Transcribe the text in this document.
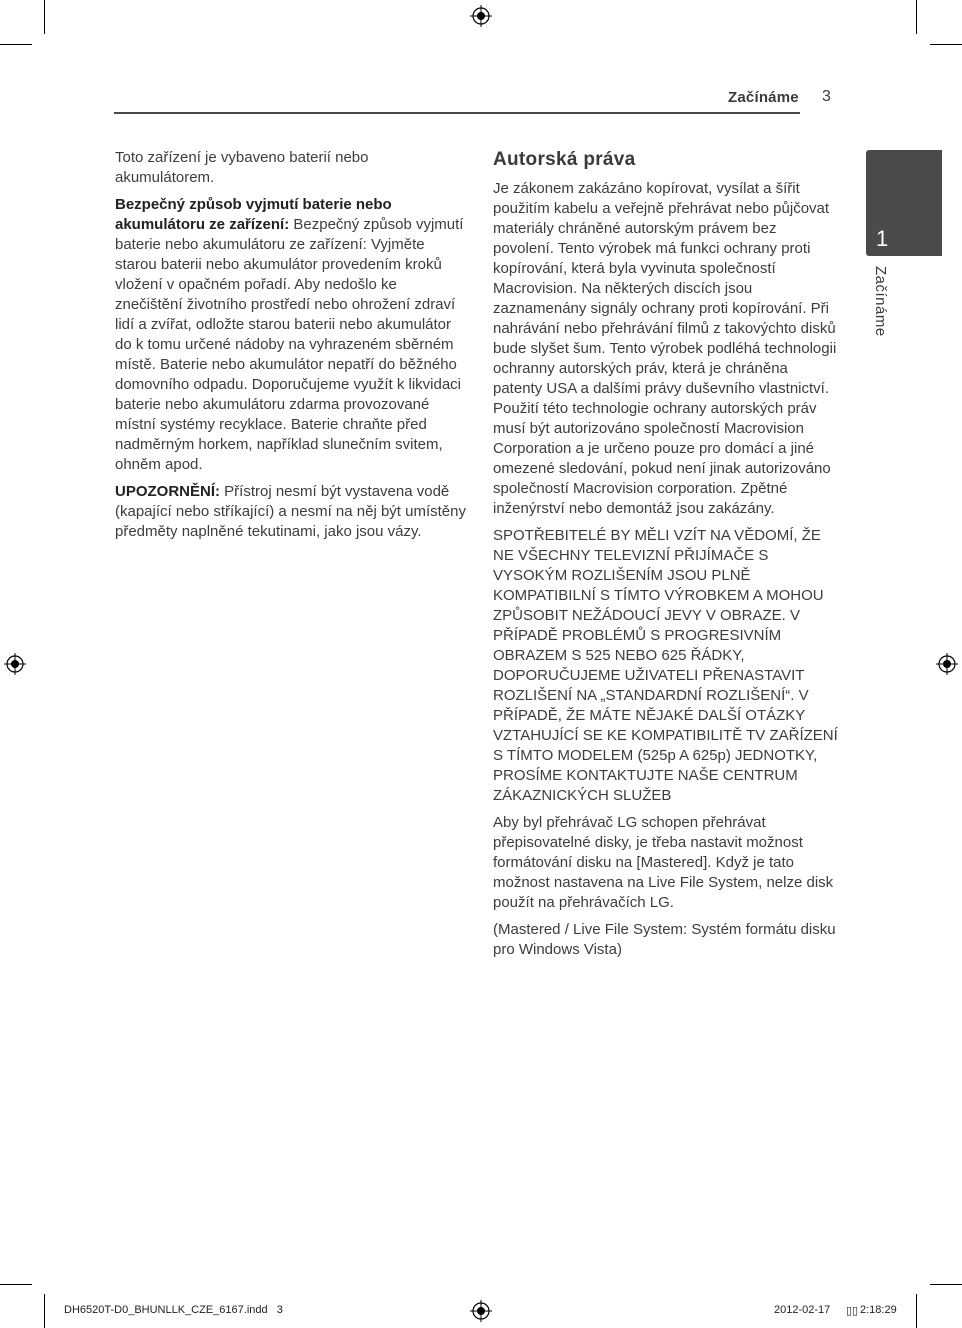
Začínáme 3
1
Začínáme

Toto zařízení je vybaveno baterií nebo akumulátorem.

Bezpečný způsob vyjmutí baterie nebo akumulátoru ze zařízení: Bezpečný způsob vyjmutí baterie nebo akumulátoru ze zařízení: Vyjměte starou baterii nebo akumulátor provedením kroků vložení v opačném pořadí. Aby nedošlo ke znečištění životního prostředí nebo ohrožení zdraví lidí a zvířat, odložte starou baterii nebo akumulátor do k tomu určené nádoby na vyhrazeném sběrném místě. Baterie nebo akumulátor nepatří do běžného domovního odpadu. Doporučujeme využít k likvidaci baterie nebo akumulátoru zdarma provozované místní systémy recyklace. Baterie chraňte před nadměrným horkem, například slunečním svitem, ohněm apod.

UPOZORNĚNÍ: Přístroj nesmí být vystavena vodě (kapající nebo stříkající) a nesmí na něj být umístěny předměty naplněné tekutinami, jako jsou vázy.

Autorská práva

Je zákonem zakázáno kopírovat, vysílat a šířit použitím kabelu a veřejně přehrávat nebo půjčovat materiály chráněné autorským právem bez povolení. Tento výrobek má funkci ochrany proti kopírování, která byla vyvinuta společností Macrovision. Na některých discích jsou zaznamenány signály ochrany proti kopírování. Při nahrávání nebo přehrávání filmů z takovýchto disků bude slyšet šum. Tento výrobek podléhá technologii ochranny autorských práv, která je chráněna patenty USA a dalšími právy duševního vlastnictví. Použití této technologie ochrany autorských práv musí být autorizováno společností Macrovision Corporation a je určeno pouze pro domácí a jiné omezené sledování, pokud není jinak autorizováno společností Macrovision corporation. Zpětné inženýrství nebo demontáž jsou zakázány.

SPOTŘEBITELÉ BY MĚLI VZÍT NA VĚDOMÍ, ŽE NE VŠECHNY TELEVIZNÍ PŘIJÍMAČE S VYSOKÝM ROZLIŠENÍM JSOU PLNĚ KOMPATIBILNÍ S TÍMTO VÝROBKEM A MOHOU ZPŮSOBIT NEŽÁDOUCÍ JEVY V OBRAZE. V PŘÍPADĚ PROBLÉMŮ S PROGRESIVNÍM OBRAZEM S 525 NEBO 625 ŘÁDKY, DOPORUČUJEME UŽIVATELI PŘENASTAVIT ROZLIŠENÍ NA „STANDARDNÍ ROZLIŠENÍ“. V PŘÍPADĚ, ŽE MÁTE NĚJAKÉ DALŠÍ OTÁZKY VZTAHUJÍCÍ SE KE KOMPATIBILITĚ TV ZAŘÍZENÍ S TÍMTO MODELEM (525p A 625p) JEDNOTKY, PROSÍME KONTAKTUJTE NAŠE CENTRUM ZÁKAZNICKÝCH SLUŽEB

Aby byl přehrávač LG schopen přehrávat přepisovatelné disky, je třeba nastavit možnost formátování disku na [Mastered]. Když je tato možnost nastavena na Live File System, nelze disk použít na přehrávačích LG.

(Mastered / Live File System: Systém formátu disku pro Windows Vista)

DH6520T-D0_BHUNLLK_CZE_6167.indd   3	2012-02-17 ▯▯ 2:18:29
